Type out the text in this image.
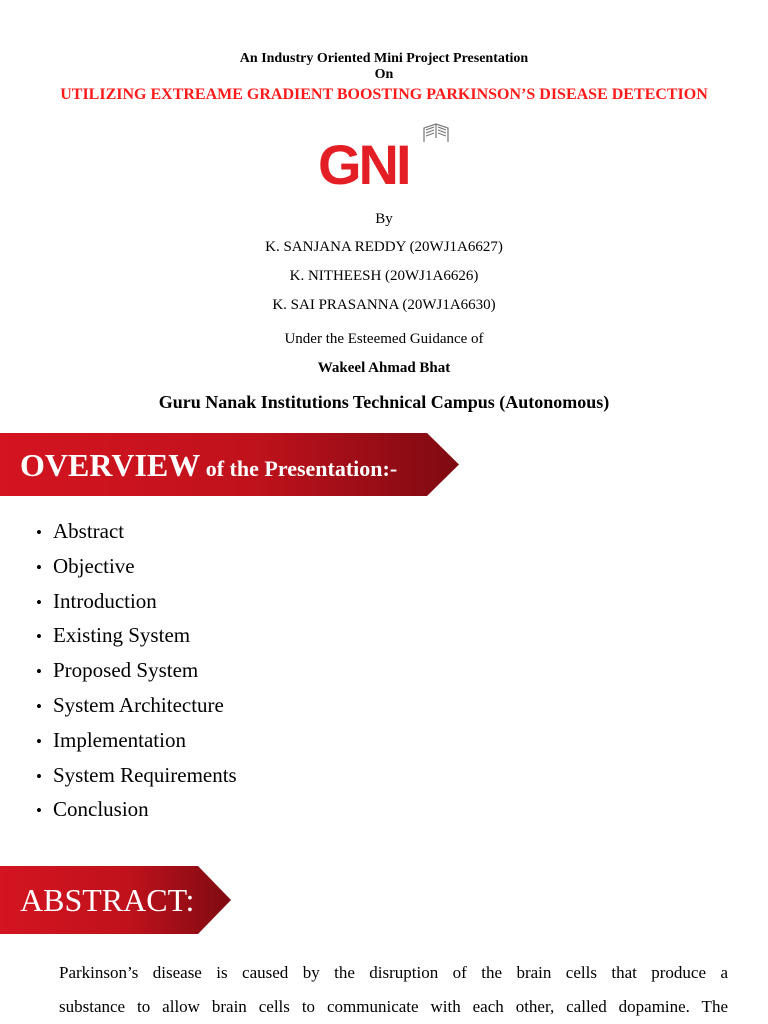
An Industry Oriented Mini Project Presentation
On
UTILIZING EXTREAME GRADIENT BOOSTING PARKINSON’S DISEASE DETECTION
GNI
By
K. SANJANA REDDY (20WJ1A6627)
K. NITHEESH (20WJ1A6626)
K. SAI PRASANNA (20WJ1A6630)
Under the Esteemed Guidance of
Wakeel Ahmad Bhat
Guru Nanak Institutions Technical Campus (Autonomous)
OVERVIEW of the Presentation:-
• Abstract
• Objective
• Introduction
• Existing System
• Proposed System
• System Architecture
• Implementation
• System Requirements
• Conclusion
ABSTRACT:
Parkinson’s disease is caused by the disruption of the brain cells that produce a
substance to allow brain cells to communicate with each other, called dopamine. The
